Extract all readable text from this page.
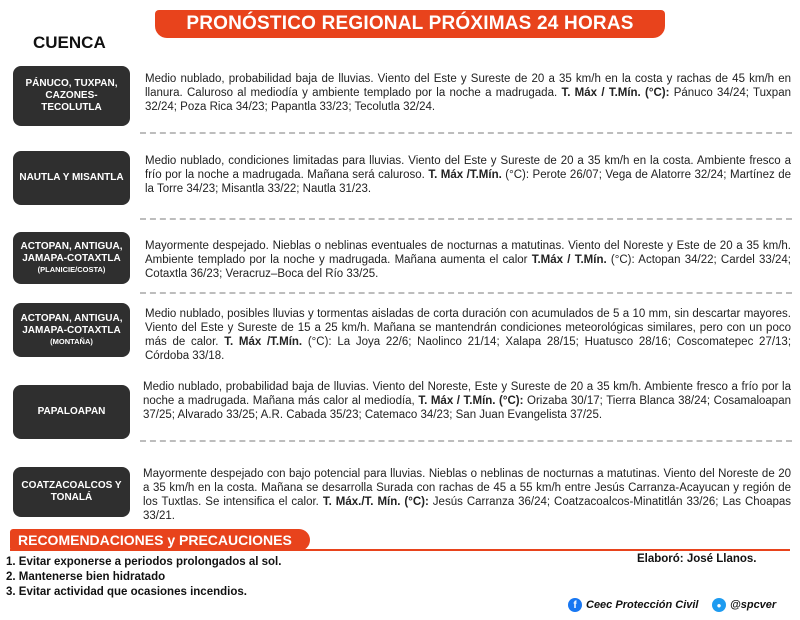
PRONÓSTICO REGIONAL PRÓXIMAS 24 HORAS
CUENCA
PÁNUCO, TUXPAN, CAZONES-TECOLUTLA
Medio nublado, probabilidad baja de lluvias. Viento del Este y Sureste de 20 a 35 km/h en la costa y rachas de 45 km/h en llanura. Caluroso al mediodía y ambiente templado por la noche a madrugada. T. Máx / T.Mín. (°C): Pánuco 34/24; Tuxpan 32/24; Poza Rica 34/23; Papantla 33/23; Tecolutla 32/24.
NAUTLA Y MISANTLA
Medio nublado, condiciones limitadas para lluvias. Viento del Este y Sureste de 20 a 35 km/h en la costa. Ambiente fresco a frío por la noche a madrugada. Mañana será caluroso. T. Máx /T.Mín. (°C): Perote 26/07; Vega de Alatorre 32/24; Martínez de la Torre 34/23; Misantla 33/22; Nautla 31/23.
ACTOPAN, ANTIGUA, JAMAPA-COTAXTLA
(PLANICIE/COSTA)
Mayormente despejado. Nieblas o neblinas eventuales de nocturnas a matutinas. Viento del Noreste y Este de 20 a 35 km/h. Ambiente templado por la noche y madrugada. Mañana aumenta el calor T.Máx / T.Mín. (°C): Actopan 34/22; Cardel 33/24; Cotaxtla 36/23; Veracruz–Boca del Río 33/25.
ACTOPAN, ANTIGUA, JAMAPA-COTAXTLA
(MONTAÑA)
Medio nublado, posibles lluvias y tormentas aisladas de corta duración con acumulados de 5 a 10 mm, sin descartar mayores. Viento del Este y Sureste de 15 a 25 km/h. Mañana se mantendrán condiciones meteorológicas similares, pero con un poco más de calor. T. Máx /T.Mín. (°C): La Joya 22/6; Naolinco 21/14; Xalapa 28/15; Huatusco 28/16; Coscomatepec 27/13; Córdoba 33/18.
PAPALOAPAN
Medio nublado, probabilidad baja de lluvias. Viento del Noreste, Este y Sureste de 20 a 35 km/h. Ambiente fresco a frío por la noche a madrugada. Mañana más calor al mediodía, T. Máx / T.Mín. (°C): Orizaba 30/17; Tierra Blanca 38/24; Cosamaloapan 37/25; Alvarado 33/25; A.R. Cabada 35/23; Catemaco 34/23; San Juan Evangelista 37/25.
COATZACOALCOS Y TONALÁ
Mayormente despejado con bajo potencial para lluvias. Nieblas o neblinas de nocturnas a matutinas. Viento del Noreste de 20 a 35 km/h en la costa. Mañana se desarrolla Surada con rachas de 45 a 55 km/h entre Jesús Carranza-Acayucan y región de los Tuxtlas. Se intensifica el calor. T. Máx./T. Mín. (°C): Jesús Carranza 36/24; Coatzacoalcos-Minatitlán 33/26; Las Choapas 33/21.
RECOMENDACIONES y PRECAUCIONES
1. Evitar exponerse a periodos prolongados al sol.
2. Mantenerse bien hidratado
3. Evitar actividad que ocasiones incendios.
Elaboró: José Llanos.
f Ceec Protección Civil	● @spcver
